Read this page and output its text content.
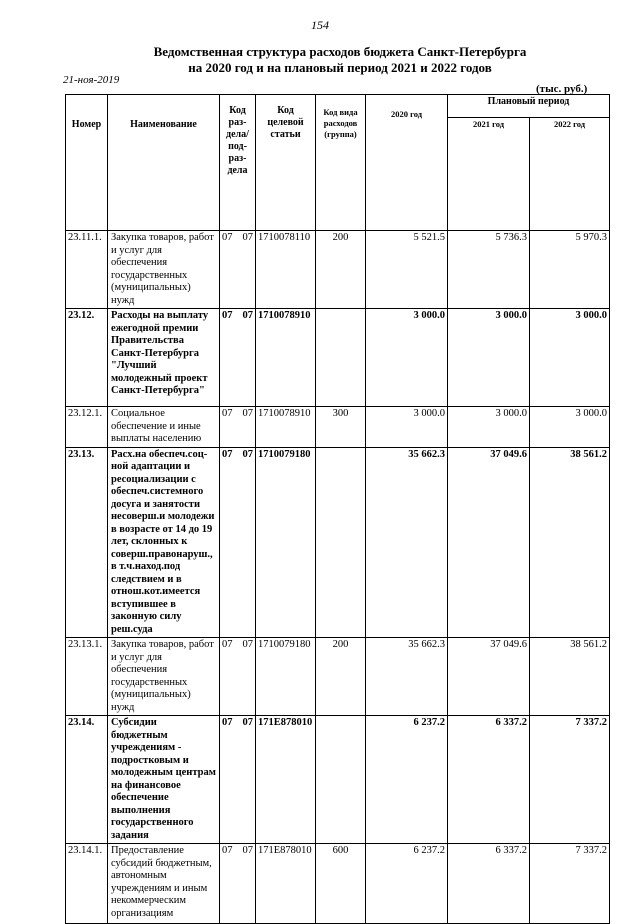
154
Ведомственная структура расходов бюджета Санкт-Петербурга
на 2020 год и на плановый период 2021 и 2022 годов
21-ноя-2019
(тыс. руб.)
Номер	Наименование	Код раз-дела/ под-раз-дела	Код целевой статьи	Код вида расходов (группа)	2020 год	Плановый период	
						2021 год	2022 год
23.11.1.	Закупка товаров, работ и услуг для обеспечения государственных (муниципальных) нужд	07 07	1710078110	200	5 521.5	5 736.3	5 970.3
23.12.	Расходы на выплату ежегодной премии Правительства Санкт-Петербурга "Лучший молодежный проект Санкт-Петербурга"	07 07	1710078910		3 000.0	3 000.0	3 000.0
23.12.1.	Социальное обеспечение и иные выплаты населению	07 07	1710078910	300	3 000.0	3 000.0	3 000.0
23.13.	Расх.на обеспеч.соц-ной адаптации и ресоциализации с обеспеч.системного досуга и занятости несоверш.и молодежи в возрасте от 14 до 19 лет, склонных к соверш.правонаруш., в т.ч.наход.под следствием и в отнош.кот.имеется вступившее в законную силу реш.суда	07 07	1710079180		35 662.3	37 049.6	38 561.2
23.13.1.	Закупка товаров, работ и услуг для обеспечения государственных (муниципальных) нужд	07 07	1710079180	200	35 662.3	37 049.6	38 561.2
23.14.	Субсидии бюджетным учреждениям - подростковым и молодежным центрам на финансовое обеспечение выполнения государственного задания	07 07	171E878010		6 237.2	6 337.2	7 337.2
23.14.1.	Предоставление субсидий бюджетным, автономным учреждениям и иным некоммерческим организациям	07 07	171E878010	600	6 237.2	6 337.2	7 337.2
